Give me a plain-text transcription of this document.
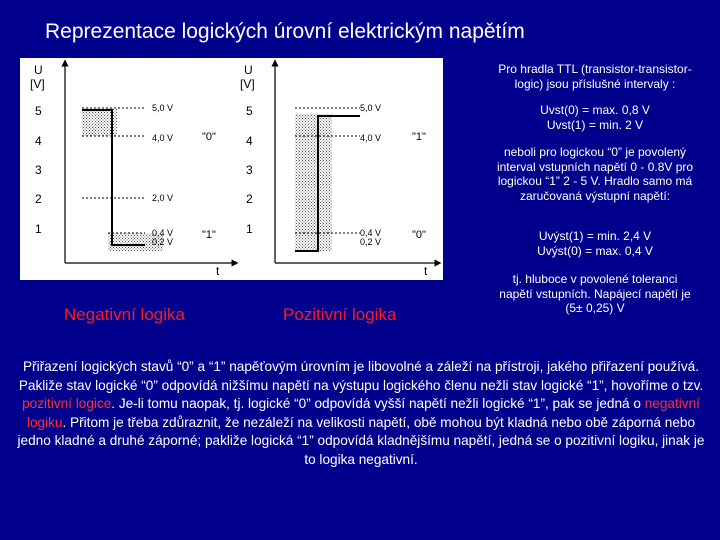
Reprezentace logických úrovní elektrickým napětím
U
[V]
5
4
3
2
1
5,0 V
4,0 V
2,0 V
0,4 V
0,2 V
"0"
"1"
t
U
[V]
5
4
3
2
1
5,0 V
4,0 V
0,4 V
0,2 V
"1"
"0"
t
Negativní logika	Pozitivní logika
Pro hradla TTL (transistor-transistor-
logic) jsou příslušné intervaly :
Uvst(0) = max. 0,8 V
Uvst(1) = min. 2 V
neboli pro logickou “0” je povolený
interval vstupních napětí 0 - 0.8V pro
logickou “1” 2 - 5 V. Hradlo samo má
zaručovaná výstupní napětí:
Uvýst(1) = min. 2,4 V
Uvýst(0) = max. 0,4 V
tj. hluboce v povolené toleranci
napětí vstupních. Napájecí napětí je
(5± 0,25) V
Přiřazení logických stavů “0” a “1” napěťovým úrovním je libovolné a záleží na přístroji, jakého přiřazení používá. Pakliže stav logické “0” odpovídá nižšímu napětí na výstupu logického členu nežli stav logické “1”, hovoříme o tzv. pozitivní logice. Je-li tomu naopak, tj. logické “0” odpovídá vyšší napětí nežli logické “1”, pak se jedná o negativní logiku. Přitom je třeba zdůraznit, že nezáleží na velikosti napětí, obě mohou být kladná nebo obě záporná nebo jedno kladné a druhé záporné; pakliže logická “1” odpovídá kladnějšímu napětí, jedná se o pozitivní logiku, jinak je to logika negativní.
